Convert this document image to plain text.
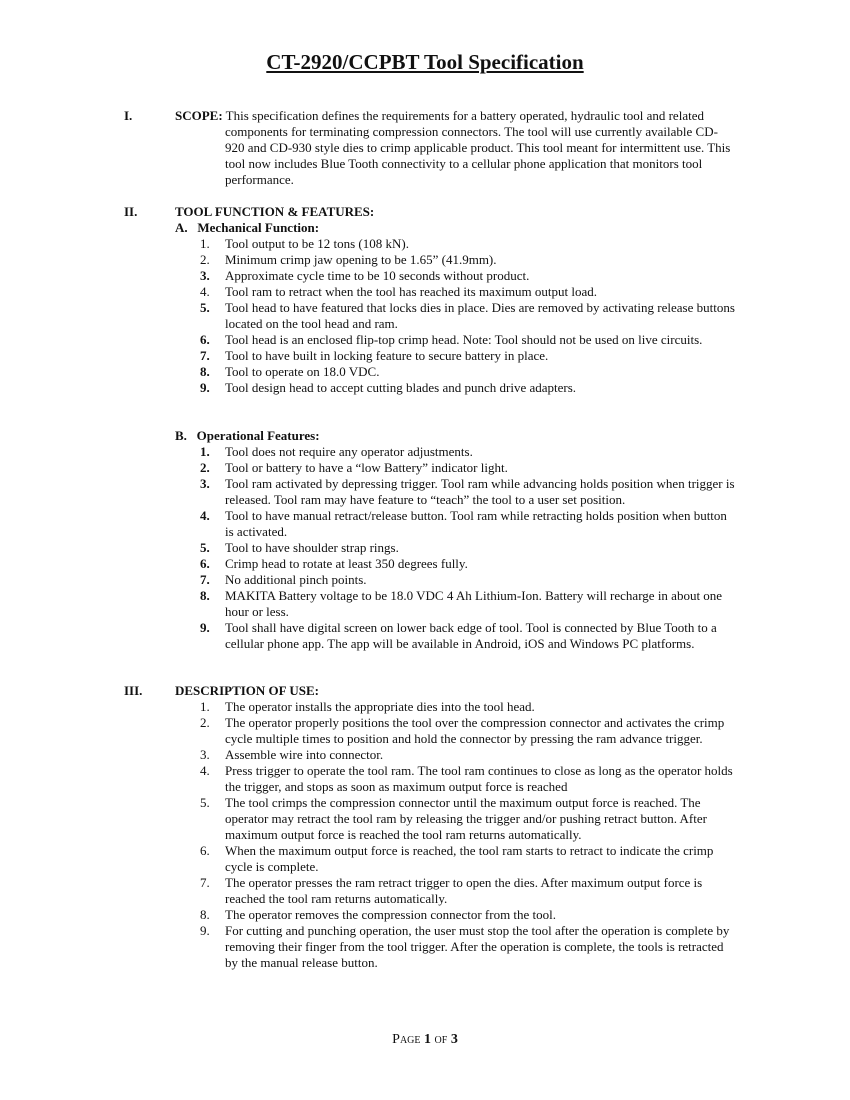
CT-2920/CCPBT Tool Specification
I.	SCOPE: This specification defines the requirements for a battery operated, hydraulic tool and related components for terminating compression connectors. The tool will use currently available CD-920 and CD-930 style dies to crimp applicable product. This tool meant for intermittent use. This tool now includes Blue Tooth connectivity to a cellular phone application that monitors tool performance.

II.	TOOL FUNCTION & FEATURES:
A.   Mechanical Function:
1. Tool output to be 12 tons (108 kN).
2. Minimum crimp jaw opening to be 1.65” (41.9mm).
3. Approximate cycle time to be 10 seconds without product.
4. Tool ram to retract when the tool has reached its maximum output load.
5. Tool head to have featured that locks dies in place. Dies are removed by activating release buttons located on the tool head and ram.
6. Tool head is an enclosed flip-top crimp head. Note: Tool should not be used on live circuits.
7. Tool to have built in locking feature to secure battery in place.
8. Tool to operate on 18.0 VDC.
9. Tool design head to accept cutting blades and punch drive adapters.
B.   Operational Features:
1. Tool does not require any operator adjustments.
2. Tool or battery to have a “low Battery” indicator light.
3. Tool ram activated by depressing trigger. Tool ram while advancing holds position when trigger is released. Tool ram may have feature to “teach” the tool to a user set position.
4. Tool to have manual retract/release button. Tool ram while retracting holds position when button is activated.
5. Tool to have shoulder strap rings.
6. Crimp head to rotate at least 350 degrees fully.
7. No additional pinch points.
8. MAKITA Battery voltage to be 18.0 VDC 4 Ah Lithium-Ion. Battery will recharge in about one hour or less.
9. Tool shall have digital screen on lower back edge of tool. Tool is connected by Blue Tooth to a cellular phone app. The app will be available in Android, iOS and Windows PC platforms.
III.	DESCRIPTION OF USE:
1. The operator installs the appropriate dies into the tool head.
2. The operator properly positions the tool over the compression connector and activates the crimp cycle multiple times to position and hold the connector by pressing the ram advance trigger.
3. Assemble wire into connector.
4. Press trigger to operate the tool ram. The tool ram continues to close as long as the operator holds the trigger, and stops as soon as maximum output force is reached
5. The tool crimps the compression connector until the maximum output force is reached. The operator may retract the tool ram by releasing the trigger and/or pushing retract button. After maximum output force is reached the tool ram returns automatically.
6. When the maximum output force is reached, the tool ram starts to retract to indicate the crimp cycle is complete.
7. The operator presses the ram retract trigger to open the dies. After maximum output force is reached the tool ram returns automatically.
8. The operator removes the compression connector from the tool.
9. For cutting and punching operation, the user must stop the tool after the operation is complete by removing their finger from the tool trigger. After the operation is complete, the tools is retracted by the manual release button.
Page 1 of 3
